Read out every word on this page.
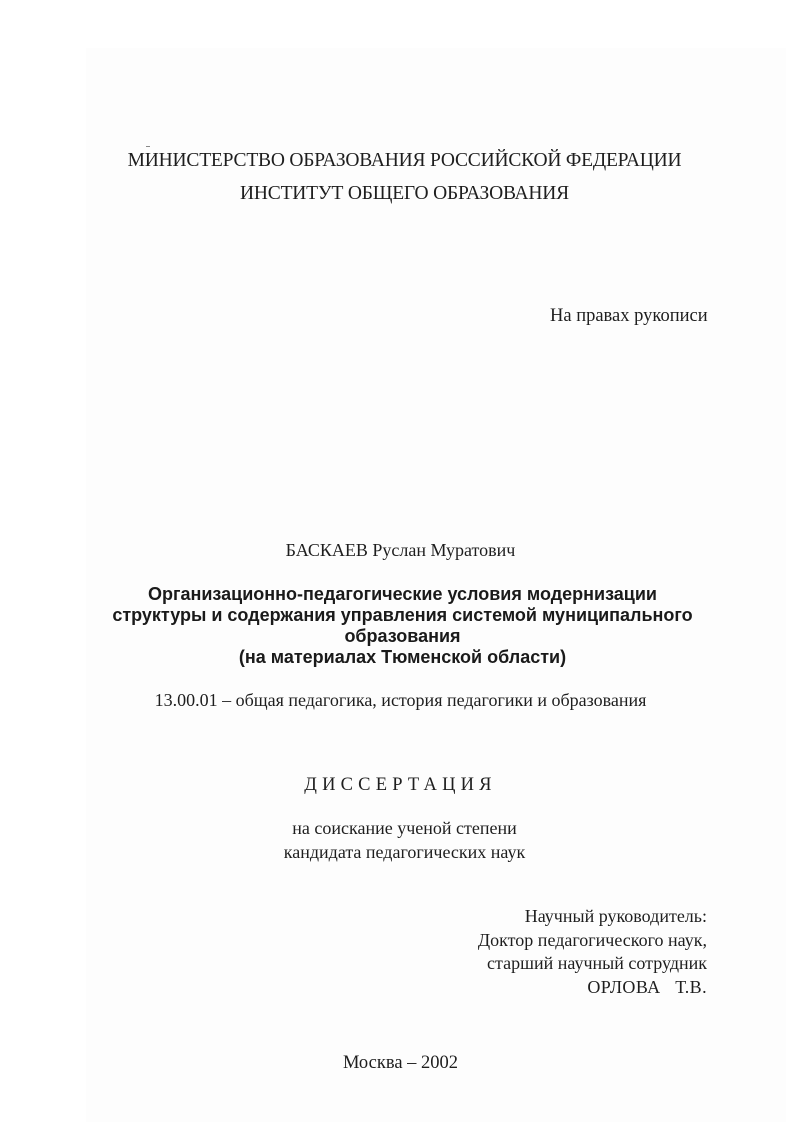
МИНИСТЕРСТВО ОБРАЗОВАНИЯ РОССИЙСКОЙ ФЕДЕРАЦИИ
ИНСТИТУТ ОБЩЕГО ОБРАЗОВАНИЯ
На правах рукописи
БАСКАЕВ Руслан Муратович
Организационно-педагогические условия модернизации
структуры и содержания управления системой муниципального
образования
(на материалах Тюменской области)
13.00.01 – общая педагогика, история педагогики и образования
ДИССЕРТАЦИЯ
на соискание ученой степени
кандидата педагогических наук
Научный руководитель:
Доктор педагогического наук,
старший научный сотрудник
ОРЛОВА   Т.В.
Москва – 2002
